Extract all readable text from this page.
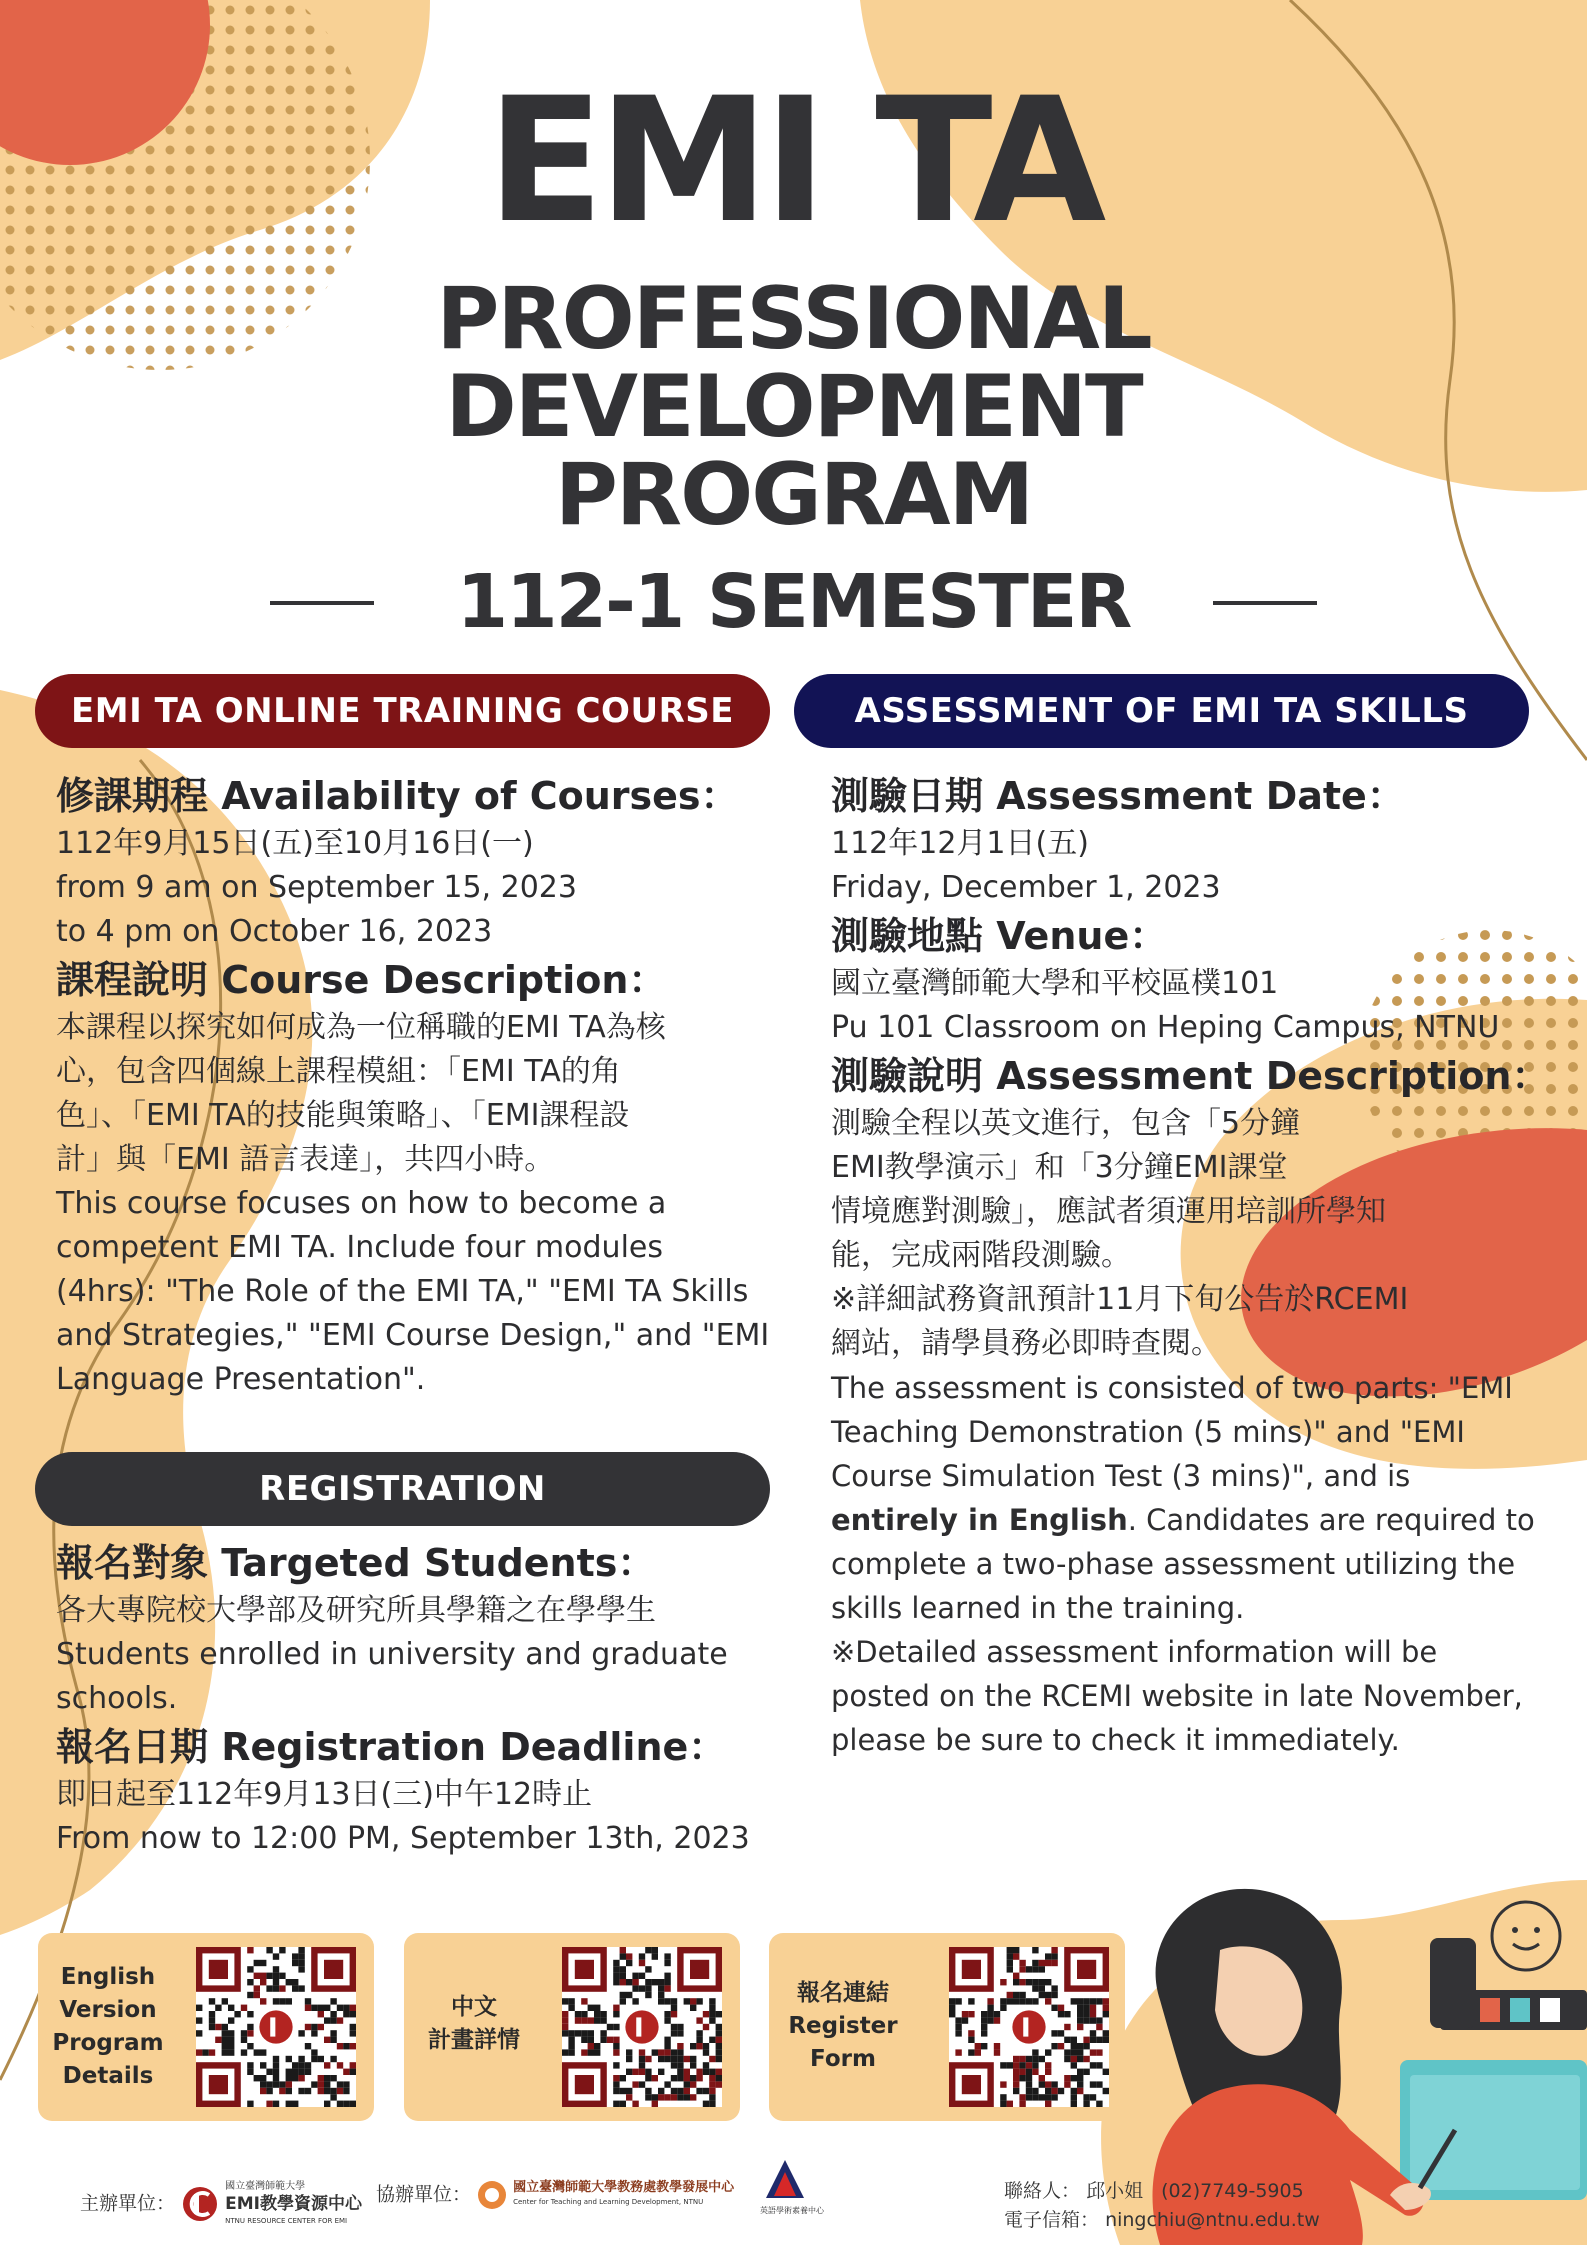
EMI TA
PROFESSIONAL
DEVELOPMENT
PROGRAM
112-1 SEMESTER
EMI TA ONLINE TRAINING COURSE	ASSESSMENT OF EMI TA SKILLS
修課期程 Availability of Courses：
112年9月15日(五)至10月16日(一)
from 9 am on September 15, 2023
to 4 pm on October 16, 2023
課程說明 Course Description：
本課程以探究如何成為一位稱職的EMI TA為核
心，包含四個線上課程模組：「EMI TA的角
色」、「EMI TA的技能與策略」、「EMI課程設
計」與「EMI 語言表達」，共四小時。
This course focuses on how to become a
competent EMI TA. Include four modules
(4hrs): "The Role of the EMI TA," "EMI TA Skills
and Strategies," "EMI Course Design," and "EMI
Language Presentation".
REGISTRATION
報名對象 Targeted Students：
各大專院校大學部及研究所具學籍之在學學生
Students enrolled in university and graduate
schools.
報名日期 Registration Deadline：
即日起至112年9月13日(三)中午12時止
From now to 12:00 PM, September 13th, 2023
測驗日期 Assessment Date：
112年12月1日(五)
Friday, December 1, 2023
測驗地點 Venue：
國立臺灣師範大學和平校區樸101
Pu 101 Classroom on Heping Campus, NTNU
測驗說明 Assessment Description：
測驗全程以英文進行，包含「5分鐘
EMI教學演示」和「3分鐘EMI課堂
情境應對測驗」，應試者須運用培訓所學知
能，完成兩階段測驗。
※詳細試務資訊預計11月下旬公告於RCEMI
網站，請學員務必即時查閱。
The assessment is consisted of two parts: "EMI
Teaching Demonstration (5 mins)" and "EMI
Course Simulation Test (3 mins)", and is
entirely in English. Candidates are required to
complete a two-phase assessment utilizing the
skills learned in the training.
※Detailed assessment information will be
posted on the RCEMI website in late November,
please be sure to check it immediately.
English
Version
Program
Details
中文
計畫詳情
報名連結
Register
Form
主辦單位：
國立臺灣師範大學
EMI教學資源中心
NTNU RESOURCE CENTER FOR EMI
協辦單位：	國立臺灣師範大學教務處教學發展中心
Center for Teaching and Learning Development, NTNU
英語學術素養中心
聯絡人： 邱小姐 (02)7749-5905
電子信箱： ningchiu@ntnu.edu.tw
